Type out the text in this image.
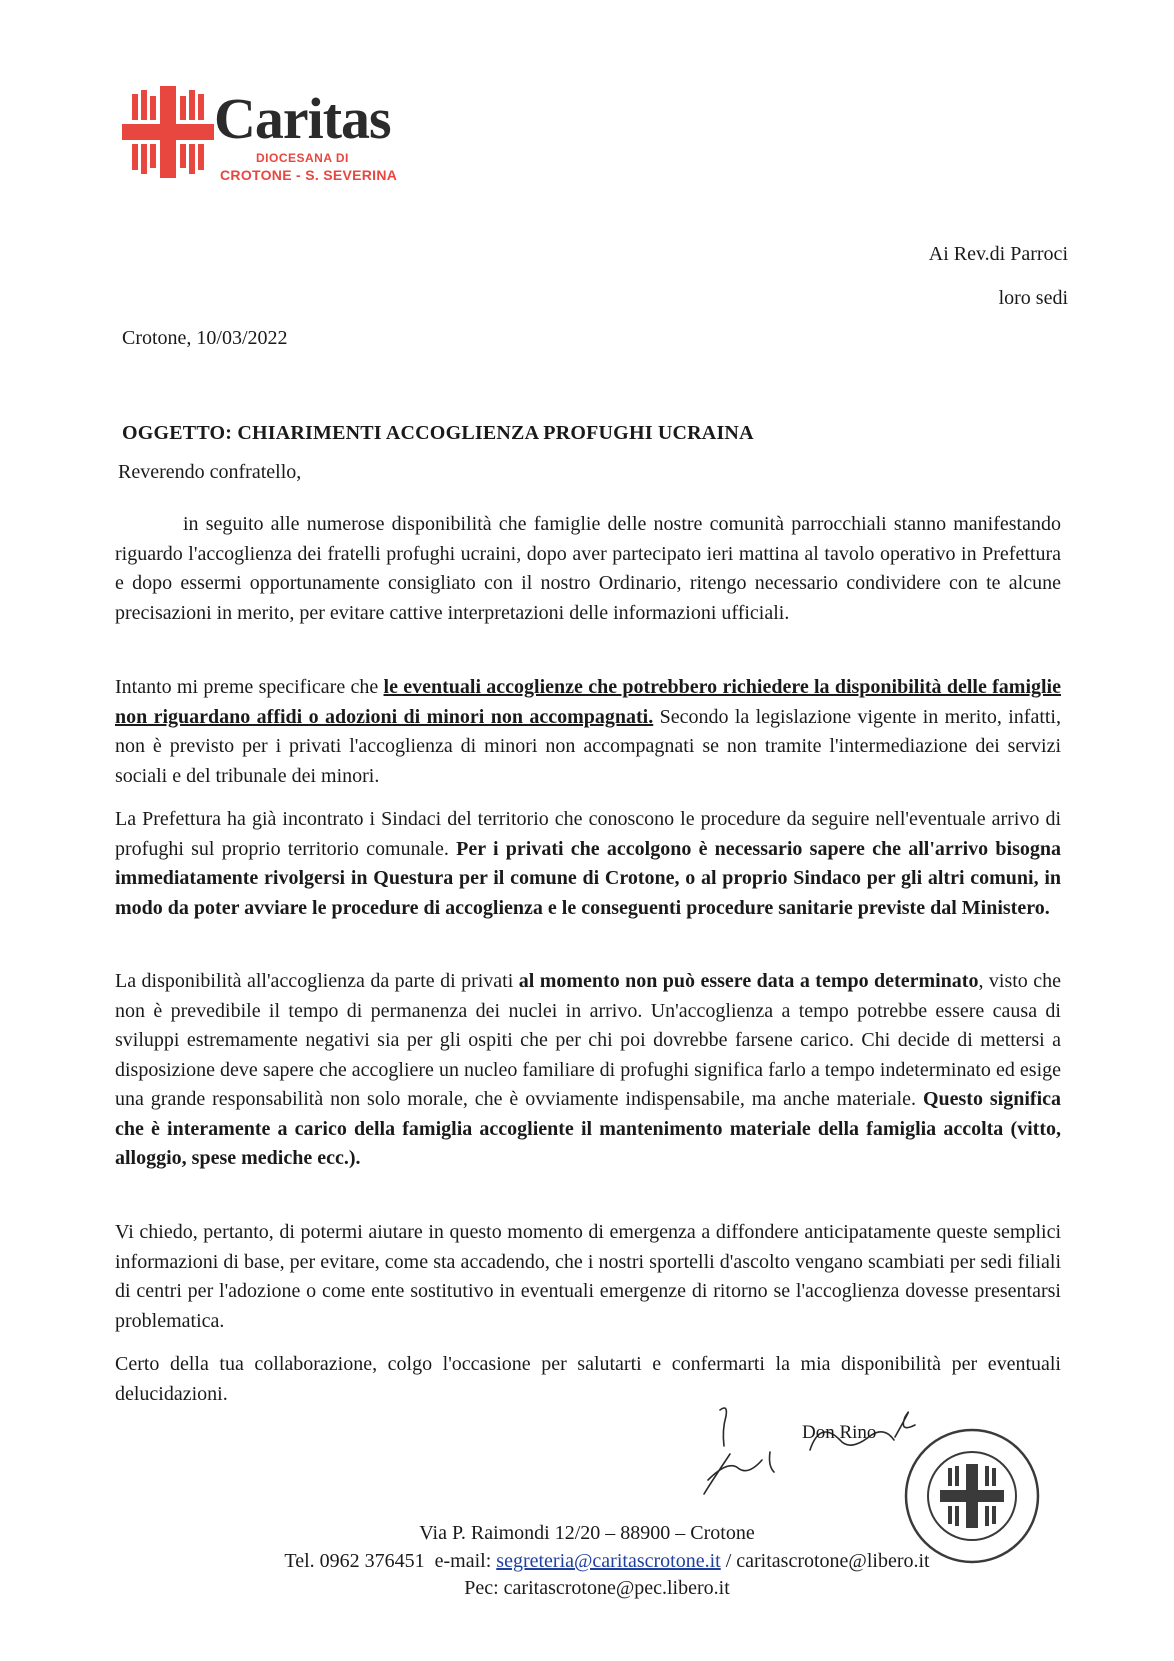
Caritas
DIOCESANA DI
CROTONE - S. SEVERINA
Ai Rev.di Parroci
loro sedi
Crotone, 10/03/2022
OGGETTO: CHIARIMENTI ACCOGLIENZA PROFUGHI UCRAINA
Reverendo confratello,
in seguito alle numerose disponibilità che famiglie delle nostre comunità parrocchiali stanno manifestando riguardo l'accoglienza dei fratelli profughi ucraini, dopo aver partecipato ieri mattina al tavolo operativo in Prefettura e dopo essermi opportunamente consigliato con il nostro Ordinario, ritengo necessario condividere con te alcune precisazioni in merito, per evitare cattive interpretazioni delle informazioni ufficiali.
Intanto mi preme specificare che le eventuali accoglienze che potrebbero richiedere la disponibilità delle famiglie non riguardano affidi o adozioni di minori non accompagnati. Secondo la legislazione vigente in merito, infatti, non è previsto per i privati l'accoglienza di minori non accompagnati se non tramite l'intermediazione dei servizi sociali e del tribunale dei minori.
La Prefettura ha già incontrato i Sindaci del territorio che conoscono le procedure da seguire nell'eventuale arrivo di profughi sul proprio territorio comunale. Per i privati che accolgono è necessario sapere che all'arrivo bisogna immediatamente rivolgersi in Questura per il comune di Crotone, o al proprio Sindaco per gli altri comuni, in modo da poter avviare le procedure di accoglienza e le conseguenti procedure sanitarie previste dal Ministero.
La disponibilità all'accoglienza da parte di privati al momento non può essere data a tempo determinato, visto che non è prevedibile il tempo di permanenza dei nuclei in arrivo. Un'accoglienza a tempo potrebbe essere causa di sviluppi estremamente negativi sia per gli ospiti che per chi poi dovrebbe farsene carico. Chi decide di mettersi a disposizione deve sapere che accogliere un nucleo familiare di profughi significa farlo a tempo indeterminato ed esige una grande responsabilità non solo morale, che è ovviamente indispensabile, ma anche materiale. Questo significa che è interamente a carico della famiglia accogliente il mantenimento materiale della famiglia accolta (vitto, alloggio, spese mediche ecc.).
Vi chiedo, pertanto, di potermi aiutare in questo momento di emergenza a diffondere anticipatamente queste semplici informazioni di base, per evitare, come sta accadendo, che i nostri sportelli d'ascolto vengano scambiati per sedi filiali di centri per l'adozione o come ente sostitutivo in eventuali emergenze di ritorno se l'accoglienza dovesse presentarsi problematica.
Certo della tua collaborazione, colgo l'occasione per salutarti e confermarti la mia disponibilità per eventuali delucidazioni.
Don Rino
Via P. Raimondi 12/20 – 88900 – Crotone
Tel. 0962 376451 e-mail: segreteria@caritascrotone.it / caritascrotone@libero.it
Pec: caritascrotone@pec.libero.it
